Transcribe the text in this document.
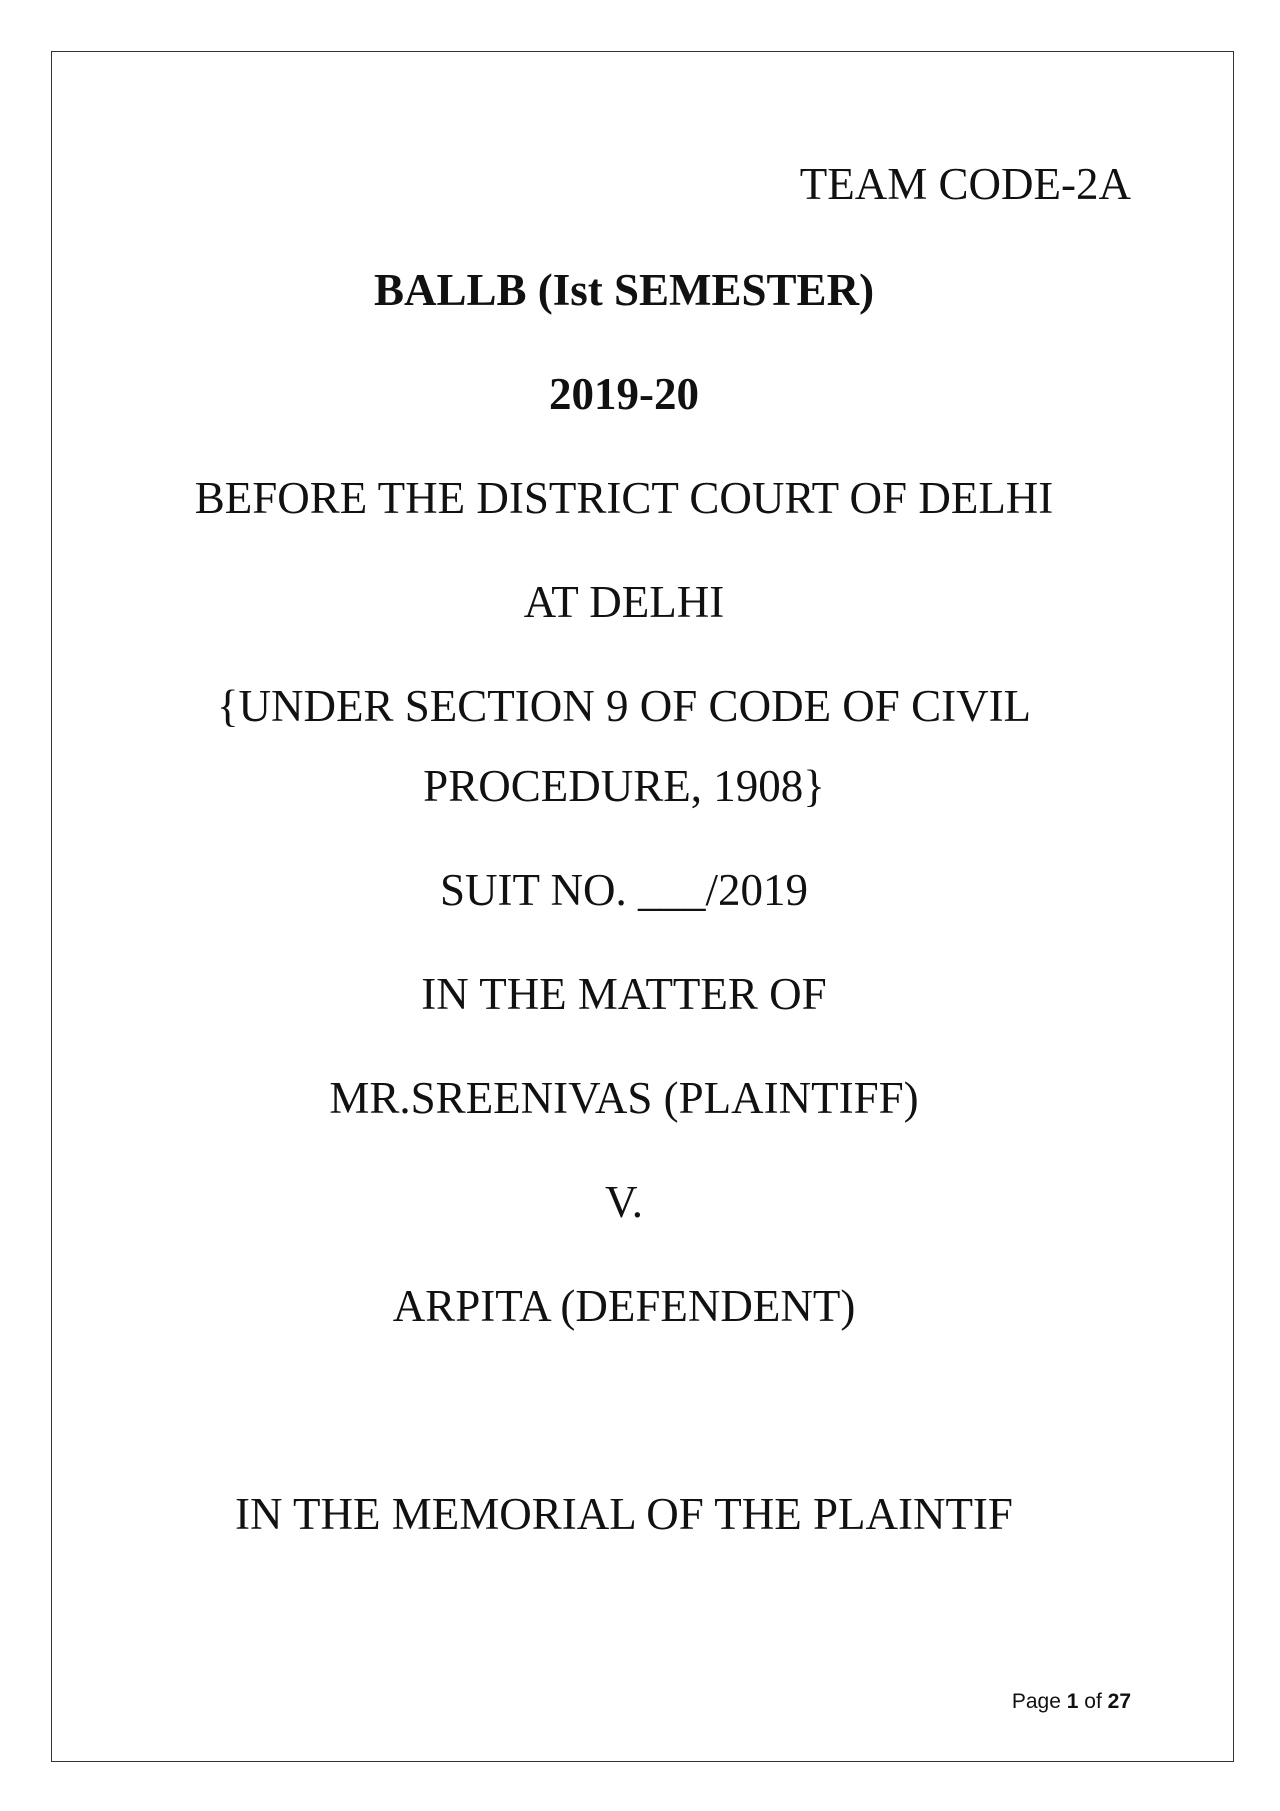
TEAM CODE-2A
BALLB (Ist SEMESTER)
2019-20
BEFORE THE DISTRICT COURT OF DELHI
AT DELHI
{UNDER SECTION 9 OF CODE OF CIVIL
PROCEDURE, 1908}
SUIT NO. ___/2019
IN THE MATTER OF
MR.SREENIVAS (PLAINTIFF)
V.
ARPITA (DEFENDENT)
IN THE MEMORIAL OF THE PLAINTIF
Page 1 of 27
